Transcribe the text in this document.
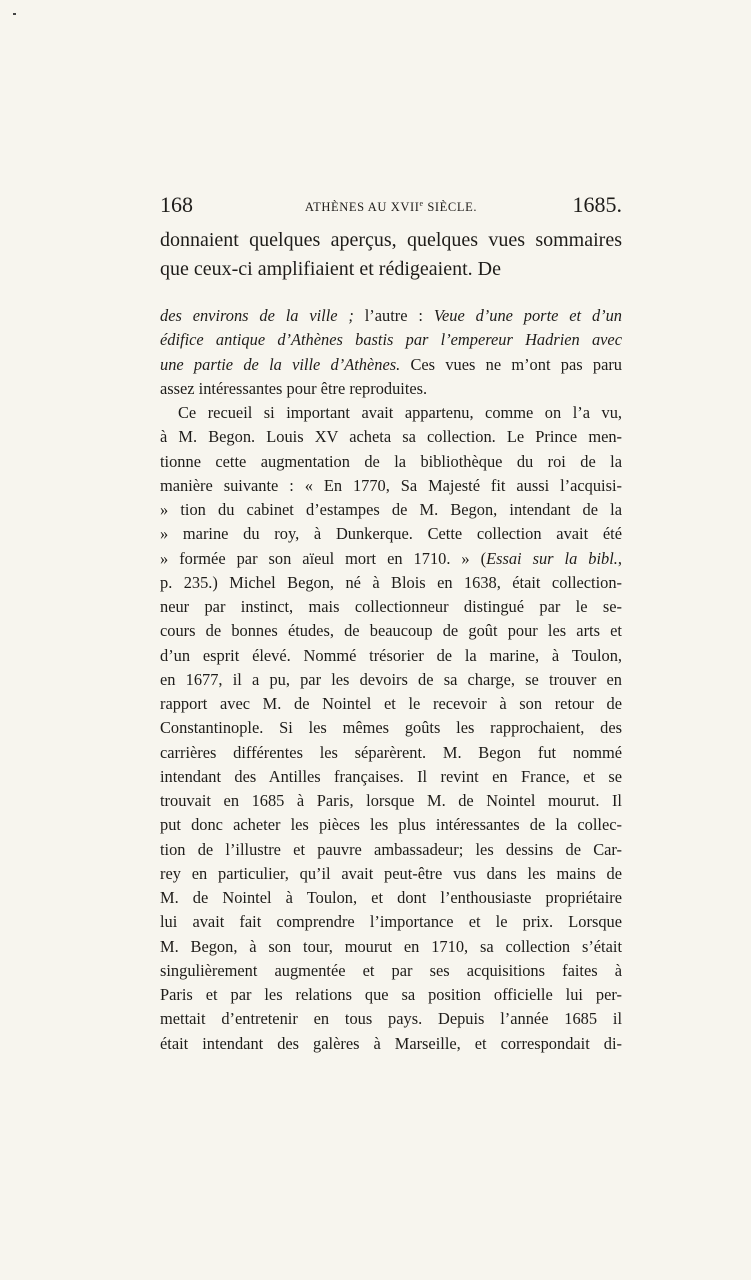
168	ATHÈNES AU XVIIe SIÈCLE.	1685.
donnaient quelques aperçus, quelques vues sommaires que ceux-ci amplifiaient et rédigeaient. De
des environs de la ville ; l’autre : Veue d’une porte et d’un
édifice antique d’Athènes bastis par l’empereur Hadrien avec
une partie de la ville d’Athènes. Ces vues ne m’ont pas paru
assez intéressantes pour être reproduites.
Ce recueil si important avait appartenu, comme on l’a vu,
à M. Begon. Louis XV acheta sa collection. Le Prince men-
tionne cette augmentation de la bibliothèque du roi de la
manière suivante : « En 1770, Sa Majesté fit aussi l’acquisi-
» tion du cabinet d’estampes de M. Begon, intendant de la
» marine du roy, à Dunkerque. Cette collection avait été
» formée par son aïeul mort en 1710. » (Essai sur la bibl.,
p. 235.) Michel Begon, né à Blois en 1638, était collection-
neur par instinct, mais collectionneur distingué par le se-
cours de bonnes études, de beaucoup de goût pour les arts et
d’un esprit élevé. Nommé trésorier de la marine, à Toulon,
en 1677, il a pu, par les devoirs de sa charge, se trouver en
rapport avec M. de Nointel et le recevoir à son retour de
Constantinople. Si les mêmes goûts les rapprochaient, des
carrières différentes les séparèrent. M. Begon fut nommé
intendant des Antilles françaises. Il revint en France, et se
trouvait en 1685 à Paris, lorsque M. de Nointel mourut. Il
put donc acheter les pièces les plus intéressantes de la collec-
tion de l’illustre et pauvre ambassadeur; les dessins de Car-
rey en particulier, qu’il avait peut-être vus dans les mains de
M. de Nointel à Toulon, et dont l’enthousiaste propriétaire
lui avait fait comprendre l’importance et le prix. Lorsque
M. Begon, à son tour, mourut en 1710, sa collection s’était
singulièrement augmentée et par ses acquisitions faites à
Paris et par les relations que sa position officielle lui per-
mettait d’entretenir en tous pays. Depuis l’année 1685 il
était intendant des galères à Marseille, et correspondait di-
